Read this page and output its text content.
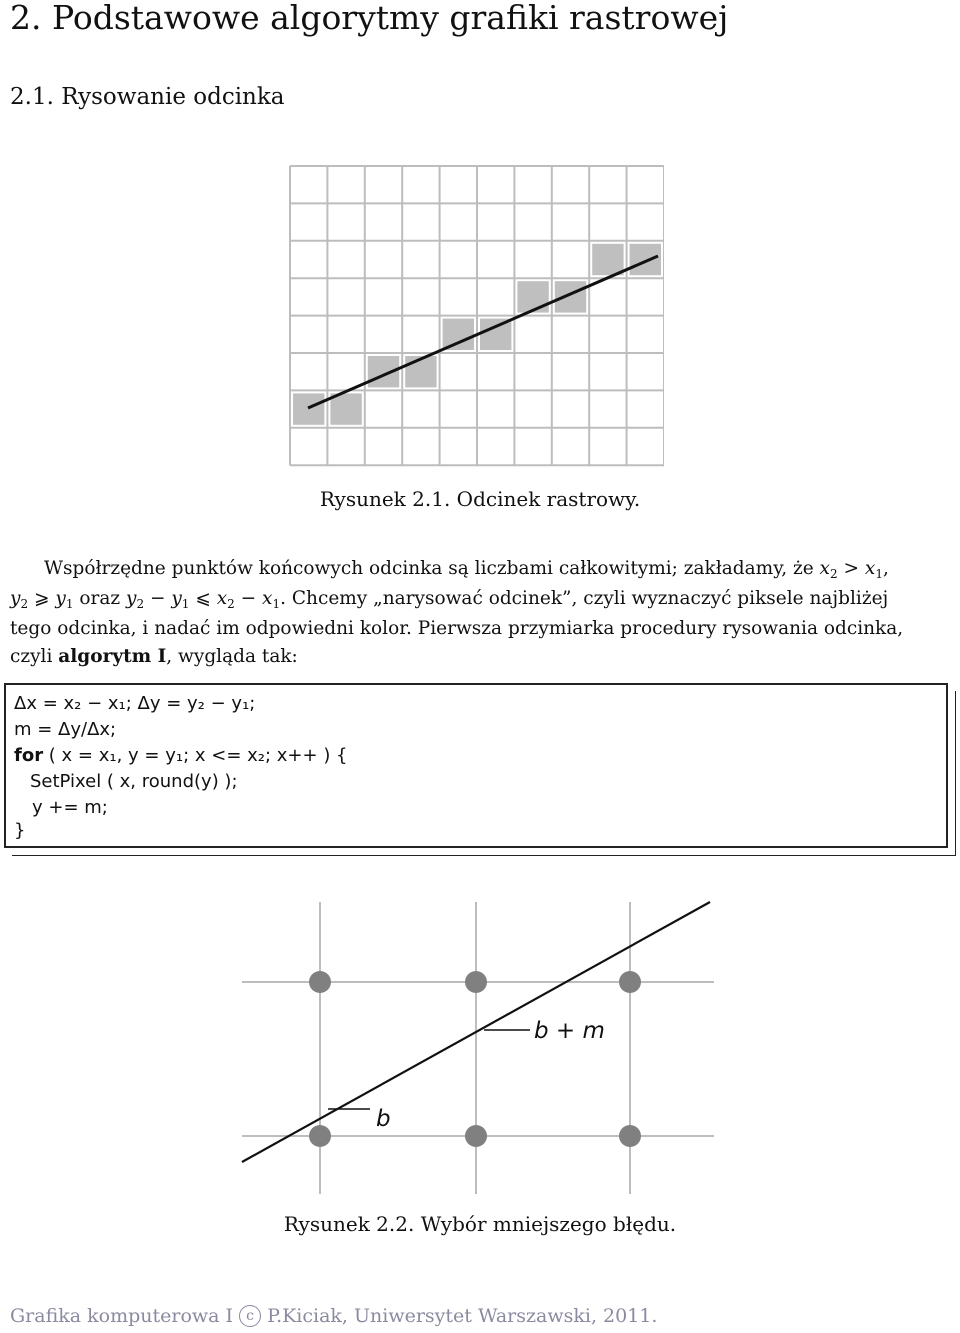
2. Podstawowe algorytmy grafiki rastrowej
2.1. Rysowanie odcinka
Rysunek 2.1. Odcinek rastrowy.
Współrzędne punktów końcowych odcinka są liczbami całkowitymi; zakładamy, że $x_2 > x_1$,
$y_2$ ⩾ $y_1$ oraz $y_2 - y_1$ ⩽ $x_2 - x_1$. Chcemy „narysować odcinek”, czyli wyznaczyć piksele najbliżej
tego odcinka, i nadać im odpowiedni kolor. Pierwsza przymiarka procedury rysowania odcinka,
czyli algorytm I, wygląda tak:
Δx = x₂ − x₁; Δy = y₂ − y₁;
m = Δy/Δx;
for ( x = x₁, y = y₁; x <= x₂; x++ ) {
SetPixel ( x, round(y) );
y += m;
}
b
b + m
Rysunek 2.2. Wybór mniejszego błędu.
Grafika komputerowa I c P.Kiciak, Uniwersytet Warszawski, 2011.
